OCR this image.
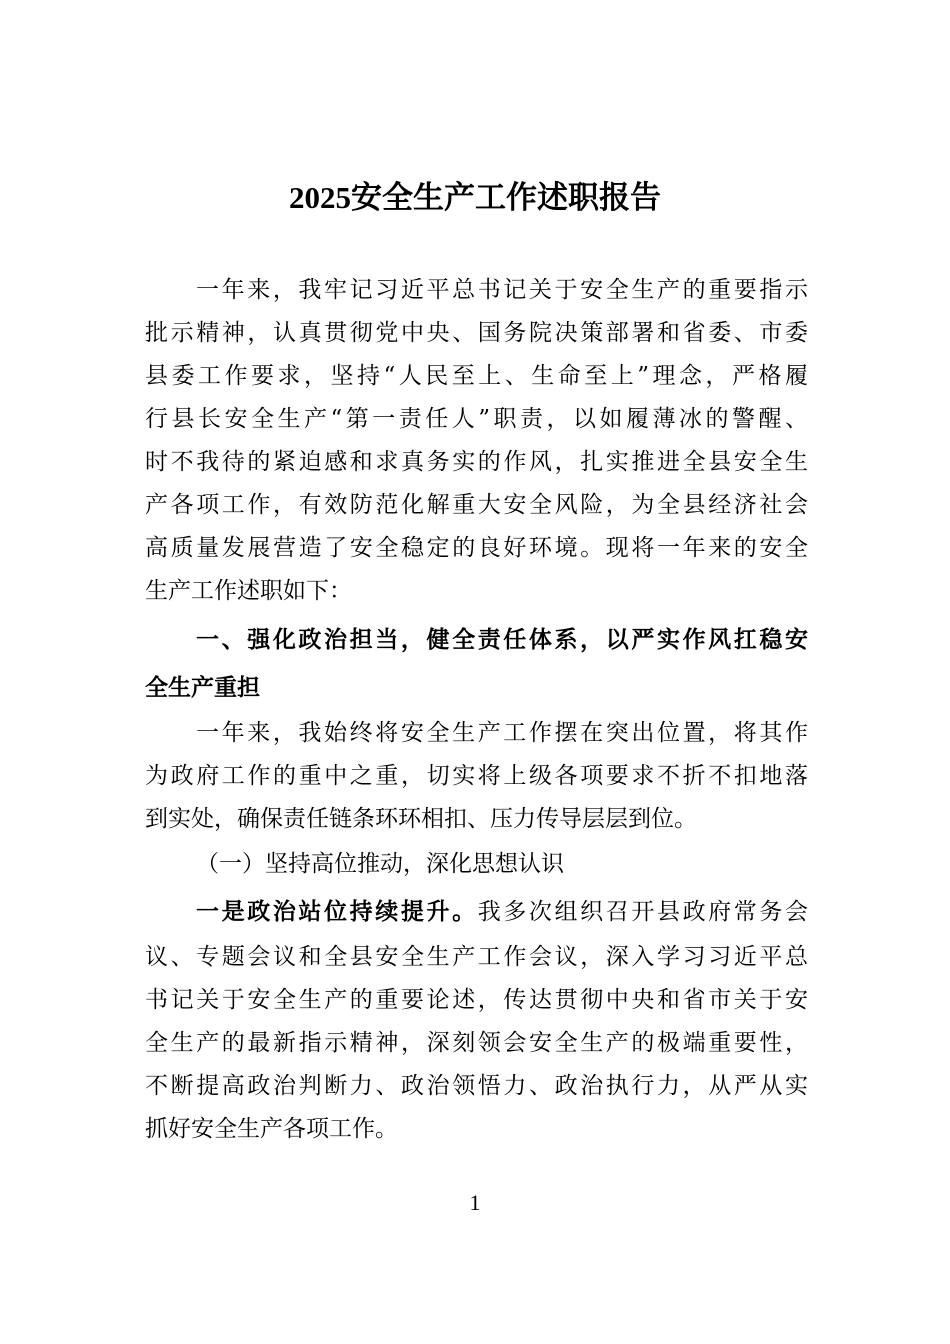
2025安全生产工作述职报告
一年来，我牢记习近平总书记关于安全生产的重要指示
批示精神，认真贯彻党中央、国务院决策部署和省委、市委
县委工作要求，坚持“人民至上、生命至上”理念，严格履
行县长安全生产“第一责任人”职责，以如履薄冰的警醒、
时不我待的紧迫感和求真务实的作风，扎实推进全县安全生
产各项工作，有效防范化解重大安全风险，为全县经济社会
高质量发展营造了安全稳定的良好环境。现将一年来的安全
生产工作述职如下：
一、强化政治担当，健全责任体系，以严实作风扛稳安
全生产重担
一年来，我始终将安全生产工作摆在突出位置，将其作
为政府工作的重中之重，切实将上级各项要求不折不扣地落
到实处，确保责任链条环环相扣、压力传导层层到位。
（一）坚持高位推动，深化思想认识
一是政治站位持续提升。我多次组织召开县政府常务会
议、专题会议和全县安全生产工作会议，深入学习习近平总
书记关于安全生产的重要论述，传达贯彻中央和省市关于安
全生产的最新指示精神，深刻领会安全生产的极端重要性，
不断提高政治判断力、政治领悟力、政治执行力，从严从实
抓好安全生产各项工作。
1
